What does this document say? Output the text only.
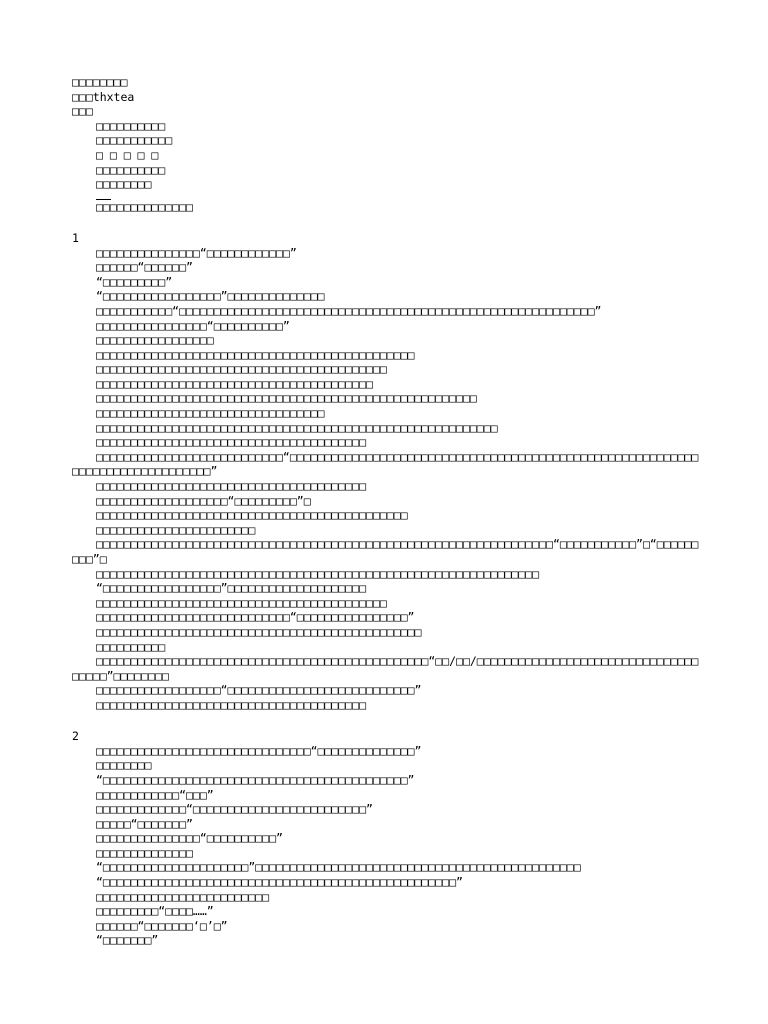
□□□□□□□□
□□□thxtea
□□□
□□□□□□□□□□
□□□□□□□□□□□
□ □ □ □ □
□□□□□□□□□□
□□□□□□□□
□□□□□□□□□□□□□□
1
□□□□□□□□□□□□□□□“□□□□□□□□□□□□”
□□□□□□“□□□□□□”
“□□□□□□□□□”
“□□□□□□□□□□□□□□□□□”□□□□□□□□□□□□□□
□□□□□□□□□□□“□□□□□□□□□□□□□□□□□□□□□□□□□□□□□□□□□□□□□□□□□□□□□□□□□□□□□□□□□□□□”
□□□□□□□□□□□□□□□□“□□□□□□□□□□”
□□□□□□□□□□□□□□□□□
□□□□□□□□□□□□□□□□□□□□□□□□□□□□□□□□□□□□□□□□□□□□□□
□□□□□□□□□□□□□□□□□□□□□□□□□□□□□□□□□□□□□□□□□□
□□□□□□□□□□□□□□□□□□□□□□□□□□□□□□□□□□□□□□□□
□□□□□□□□□□□□□□□□□□□□□□□□□□□□□□□□□□□□□□□□□□□□□□□□□□□□□□□
□□□□□□□□□□□□□□□□□□□□□□□□□□□□□□□□□
□□□□□□□□□□□□□□□□□□□□□□□□□□□□□□□□□□□□□□□□□□□□□□□□□□□□□□□□□□
□□□□□□□□□□□□□□□□□□□□□□□□□□□□□□□□□□□□□□□
□□□□□□□□□□□□□□□□□□□□□□□□□□□“□□□□□□□□□□□□□□□□□□□□□□□□□□□□□□□□□□□□□□□□□□□□□□□□□□□□□□□□□□□□□□□□□□□□□□□□□□□□□□□”
□□□□□□□□□□□□□□□□□□□□□□□□□□□□□□□□□□□□□□□
□□□□□□□□□□□□□□□□□□□“□□□□□□□□□”□
□□□□□□□□□□□□□□□□□□□□□□□□□□□□□□□□□□□□□□□□□□□□□
□□□□□□□□□□□□□□□□□□□□□□□
□□□□□□□□□□□□□□□□□□□□□□□□□□□□□□□□□□□□□□□□□□□□□□□□□□□□□□□□□□□□□□□□□□“□□□□□□□□□□□”□“□□□□□□□□□”□
□□□□□□□□□□□□□□□□□□□□□□□□□□□□□□□□□□□□□□□□□□□□□□□□□□□□□□□□□□□□□□□□
“□□□□□□□□□□□□□□□□□”□□□□□□□□□□□□□□□□□□□□
□□□□□□□□□□□□□□□□□□□□□□□□□□□□□□□□□□□□□□□□□□
□□□□□□□□□□□□□□□□□□□□□□□□□□□□“□□□□□□□□□□□□□□□□”
□□□□□□□□□□□□□□□□□□□□□□□□□□□□□□□□□□□□□□□□□□□□□□□
□□□□□□□□□□
□□□□□□□□□□□□□□□□□□□□□□□□□□□□□□□□□□□□□□□□□□□□□□□□“□□/□□/□□□□□□□□□□□□□□□□□□□□□□□□□□□□□□□□□□□□□”□□□□□□□□
□□□□□□□□□□□□□□□□□□“□□□□□□□□□□□□□□□□□□□□□□□□□□□”
□□□□□□□□□□□□□□□□□□□□□□□□□□□□□□□□□□□□□□□
2
□□□□□□□□□□□□□□□□□□□□□□□□□□□□□□□“□□□□□□□□□□□□□□”
□□□□□□□□
“□□□□□□□□□□□□□□□□□□□□□□□□□□□□□□□□□□□□□□□□□□□□”
□□□□□□□□□□□□“□□□”
□□□□□□□□□□□□□“□□□□□□□□□□□□□□□□□□□□□□□□□”
□□□□□“□□□□□□□”
□□□□□□□□□□□□□□□“□□□□□□□□□□”
□□□□□□□□□□□□□□
“□□□□□□□□□□□□□□□□□□□□□”□□□□□□□□□□□□□□□□□□□□□□□□□□□□□□□□□□□□□□□□□□□□□□□
“□□□□□□□□□□□□□□□□□□□□□□□□□□□□□□□□□□□□□□□□□□□□□□□□□□□”
□□□□□□□□□□□□□□□□□□□□□□□□□
□□□□□□□□□“□□□□……”
□□□□□□“□□□□□□□‘□’□”
“□□□□□□□”
